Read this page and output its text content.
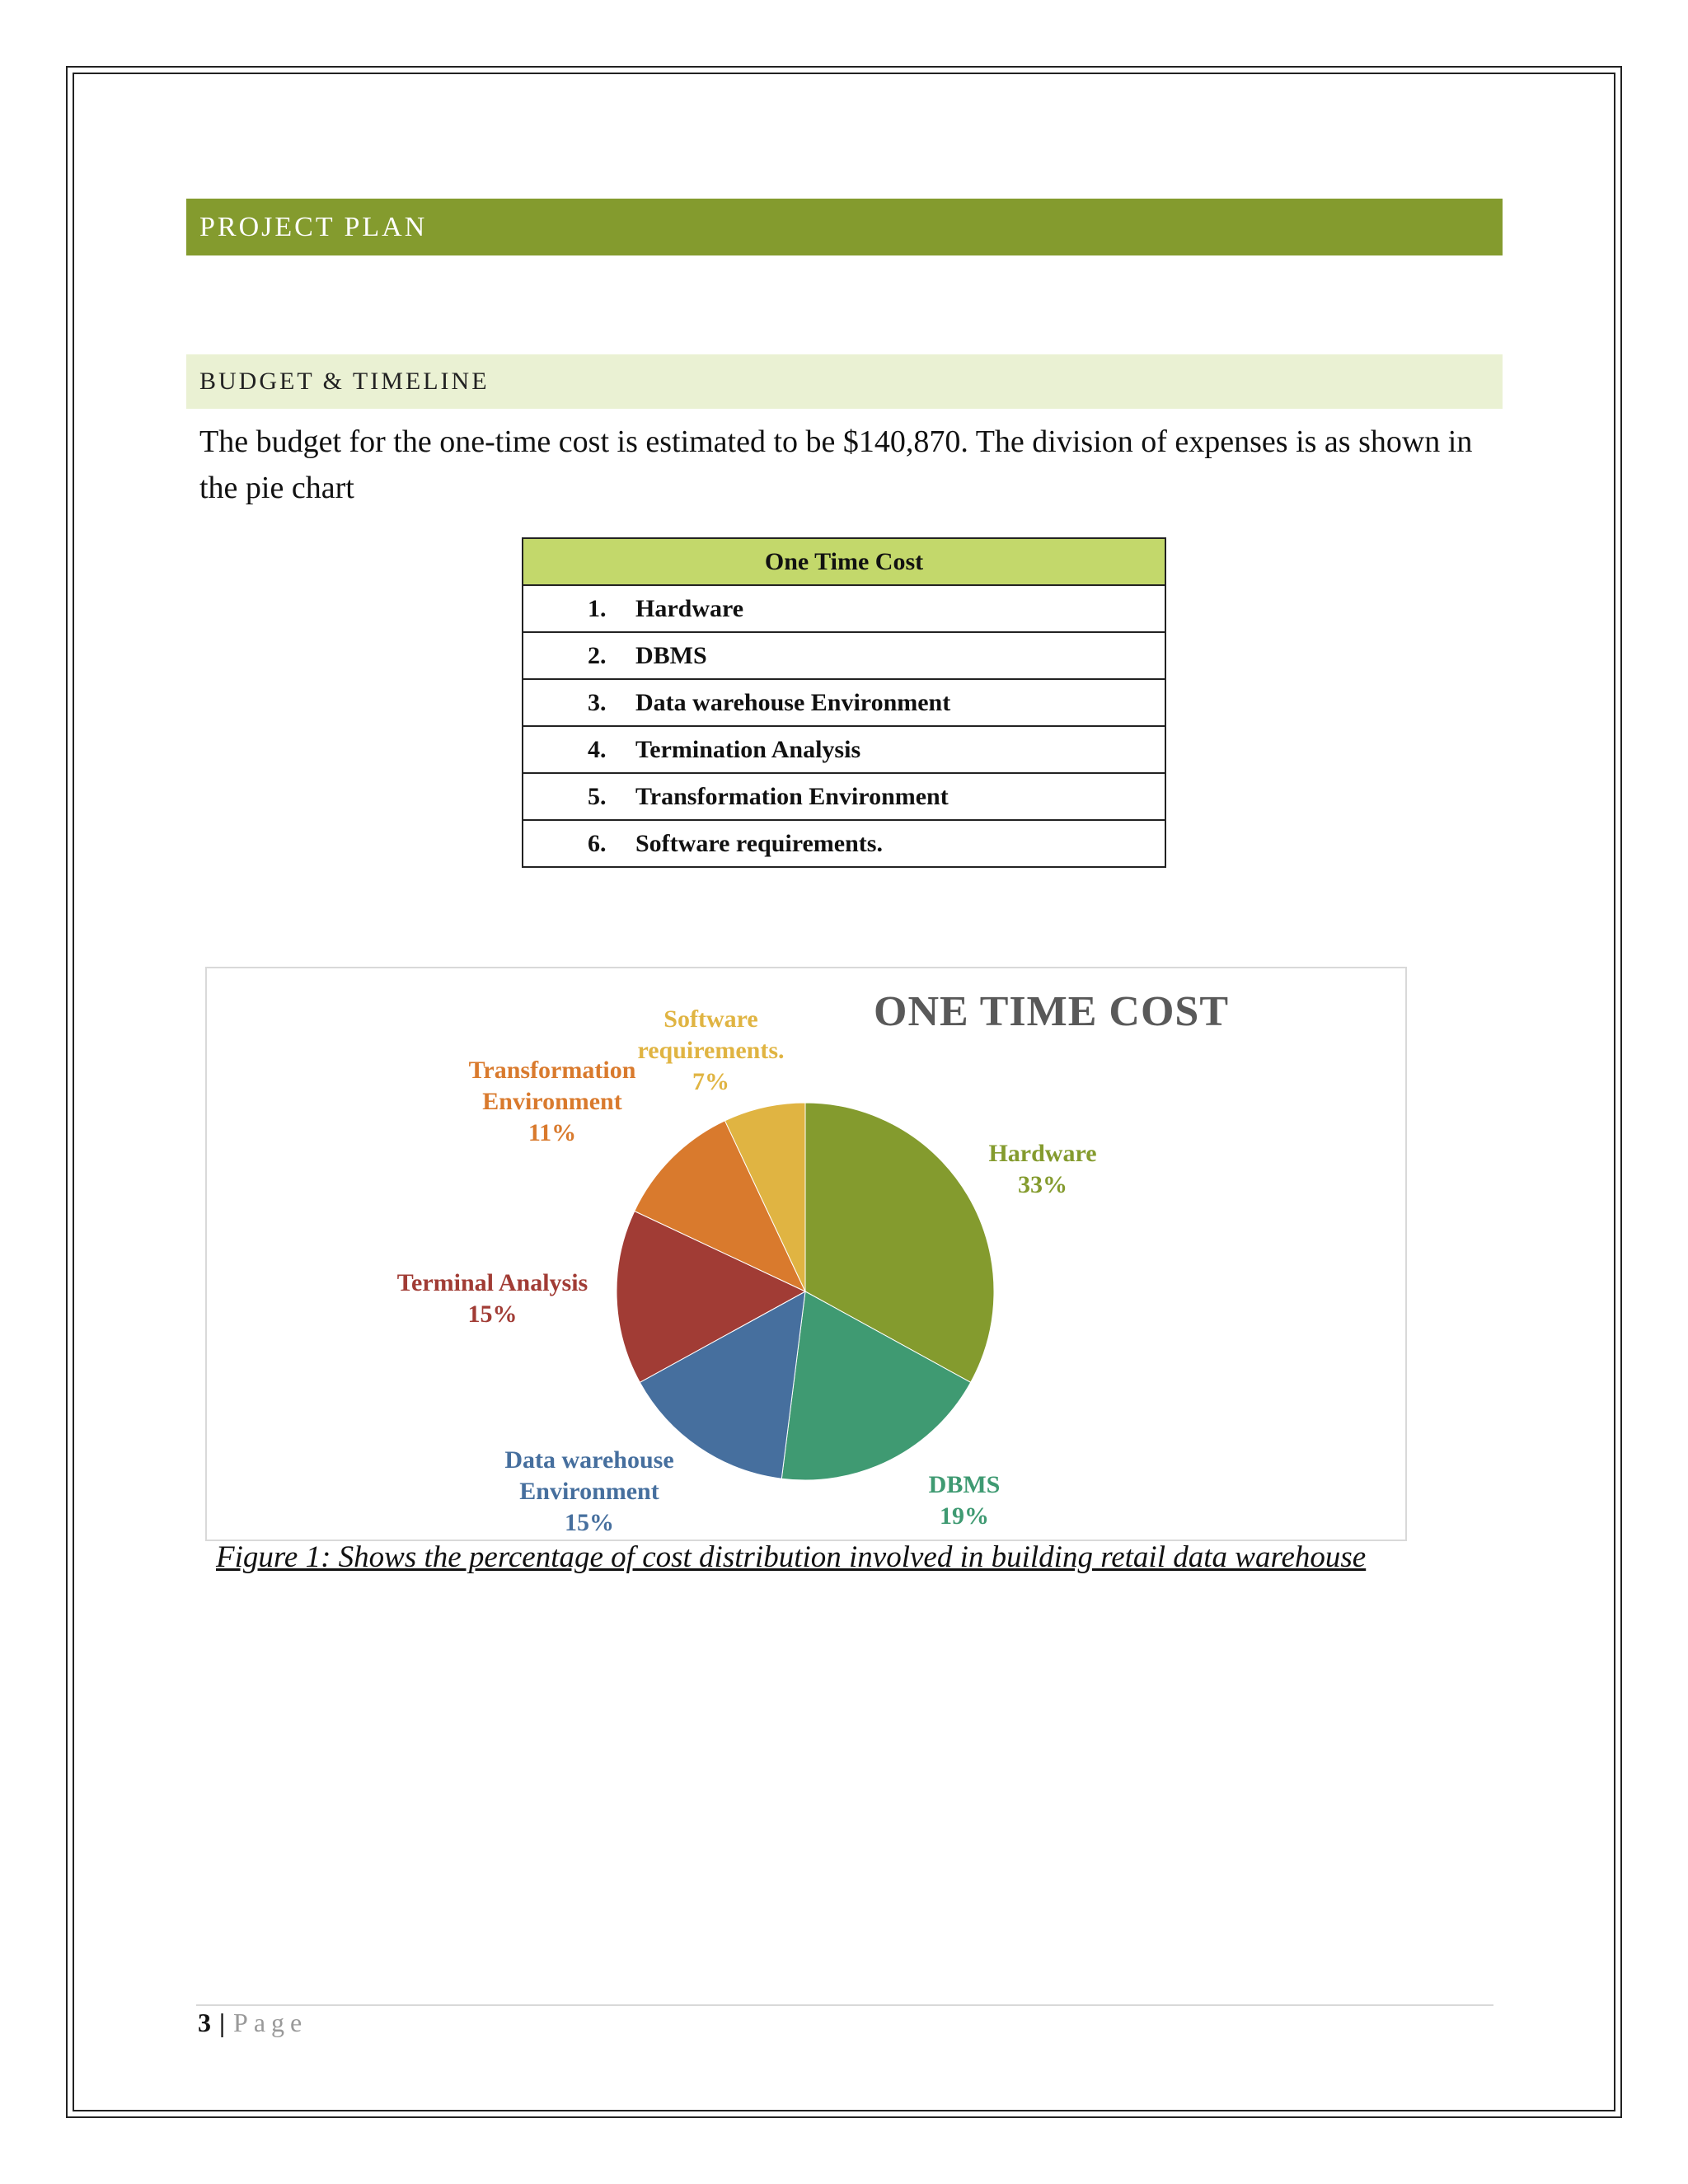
PROJECT PLAN
BUDGET & TIMELINE
The budget for the one-time cost is estimated to be $140,870. The division of expenses is as shown in the pie chart
One Time Cost
1. Hardware
2. DBMS
3. Data warehouse Environment
4. Termination Analysis
5. Transformation Environment
6. Software requirements.
ONE TIME COST
Hardware
33%
DBMS
19%
Data warehouse Environment
15%
Terminal Analysis
15%
Transformation Environment
11%
Software requirements.
7%
Figure 1: Shows the percentage of cost distribution involved in building retail data warehouse
3 | Page
